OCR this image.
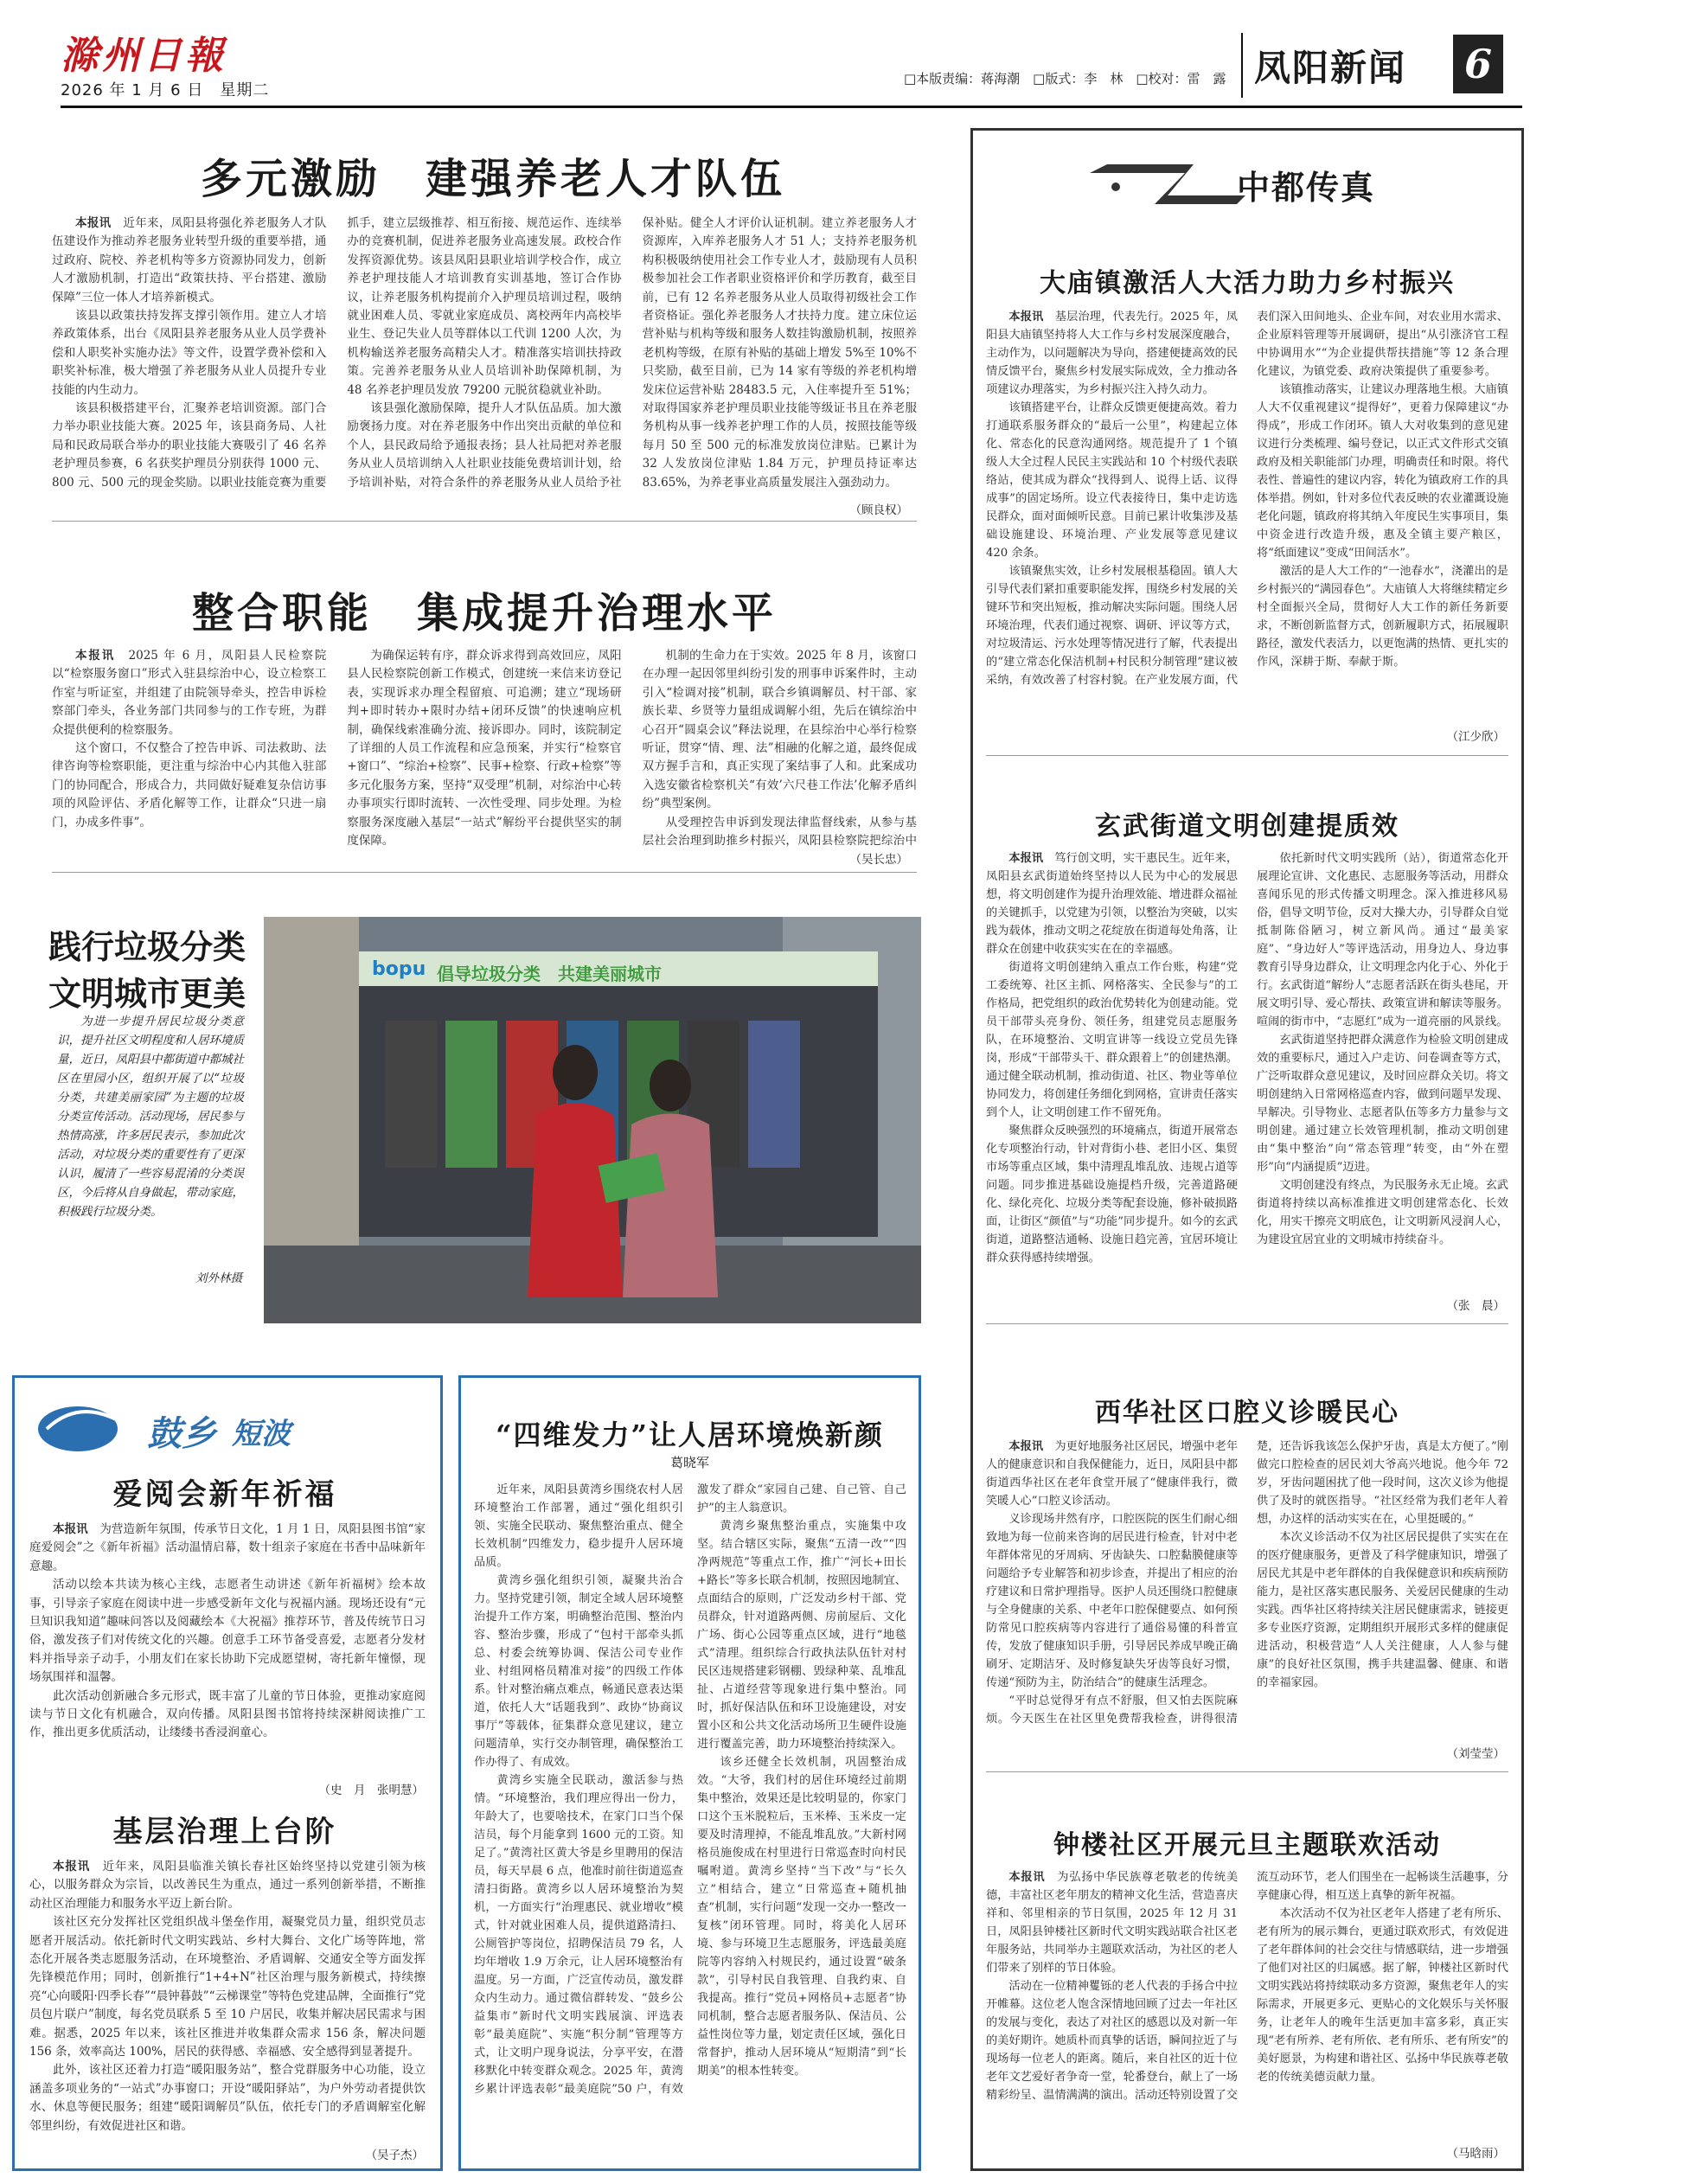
滁州日報
2026 年 1 月 6 日　星期二
□本版责编：蒋海潮　□版式：李　林　□校对：雷　露 凤阳新闻 6
多元激励　建强养老人才队伍

本报讯　近年来，凤阳县将强化养老服务人才队伍建设作为推动养老服务业转型升级的重要举措，通过政府、院校、养老机构等多方资源协同发力，创新人才激励机制，打造出“政策扶持、平台搭建、激励保障”三位一体人才培养新模式。

该县以政策扶持发挥支撑引领作用。建立人才培养政策体系，出台《凤阳县养老服务从业人员学费补偿和人职奖补实施办法》等文件，设置学费补偿和入职奖补标准，极大增强了养老服务从业人员提升专业技能的内生动力。

该县积极搭建平台，汇聚养老培训资源。部门合力举办职业技能大赛。2025 年，该县商务局、人社局和民政局联合举办的职业技能大赛吸引了 46 名养老护理员参赛，6 名获奖护理员分别获得 1000 元、800 元、500 元的现金奖励。以职业技能竞赛为重要抓手，建立层级推荐、相互衔接、规范运作、连续举办的竞赛机制，促进养老服务业高速发展。政校合作发挥资源优势。该县凤阳县职业培训学校合作，成立养老护理技能人才培训教育实训基地，签订合作协议，让养老服务机构提前介入护理员培训过程，吸纳就业困难人员、零就业家庭成员、离校两年内高校毕业生、登记失业人员等群体以工代训 1200 人次，为机构输送养老服务高精尖人才。精准落实培训扶持政策。完善养老服务从业人员培训补助保障机制，为 48 名养老护理员发放 79200 元脱贫稳就业补助。

该县强化激励保障，提升人才队伍品质。加大激励褒扬力度。对在养老服务中作出突出贡献的单位和个人，县民政局给予通报表扬；县人社局把对养老服务从业人员培训纳入人社职业技能免费培训计划，给予培训补贴，对符合条件的养老服务从业人员给予社保补贴。健全人才评价认证机制。建立养老服务人才资源库，入库养老服务人才 51 人；支持养老服务机构积极吸纳使用社会工作专业人才，鼓励现有人员积极参加社会工作者职业资格评价和学历教育，截至目前，已有 12 名养老服务从业人员取得初级社会工作者资格证。强化养老服务人才扶持力度。建立床位运营补贴与机构等级和服务人数挂钩激励机制，按照养老机构等级，在原有补贴的基础上增发 5%至 10%不只奖励，截至目前，已为 14 家有等级的养老机构增发床位运营补贴 28483.5 元，入住率提升至 51%；对取得国家养老护理员职业技能等级证书且在养老服务机构从事一线养老护理工作的人员，按照技能等级每月 50 至 500 元的标准发放岗位津贴。已累计为 32 人发放岗位津贴 1.84 万元，护理员持证率达 83.65%，为养老事业高质量发展注入强劲动力。

（顾良权）
整合职能　集成提升治理水平

本报讯　2025 年 6 月，凤阳县人民检察院以“检察服务窗口”形式入驻县综治中心，设立检察工作室与听证室，并组建了由院领导牵头，控告申诉检察部门牵头，各业务部门共同参与的工作专班，为群众提供便利的检察服务。

这个窗口，不仅整合了控告申诉、司法救助、法律咨询等检察职能，更注重与综治中心内其他入驻部门的协同配合，形成合力，共同做好疑难复杂信访事项的风险评估、矛盾化解等工作，让群众“只进一扇门，办成多件事”。

为确保运转有序，群众诉求得到高效回应，凤阳县人民检察院创新工作模式，创建统一来信来访登记表，实现诉求办理全程留痕、可追溯；建立“现场研判+即时转办+限时办结+闭环反馈”的快速响应机制，确保线索准确分流、接诉即办。同时，该院制定了详细的人员工作流程和应急预案，并实行“检察官+窗口”、“综治+检察”、民事+检察、行政+检察”等多元化服务方案，坚持“双受理”机制，对综治中心转办事项实行即时流转、一次性受理、同步处理。为检察服务深度融入基层“一站式”解纷平台提供坚实的制度保障。

机制的生命力在于实效。2025 年 8 月，该窗口在办理一起因邻里纠纷引发的刑事申诉案件时，主动引入“检调对接”机制，联合乡镇调解员、村干部、家族长辈、乡贤等力量组成调解小组，先后在镇综治中心召开“圆桌会议”释法说理，在县综治中心举行检察听证，贯穿“情、理、法”相融的化解之道，最终促成双方握手言和，真正实现了案结事了人和。此案成功入选安徽省检察机关“有效’六尺巷工作法’化解矛盾纠纷”典型案例。

从受理控告申诉到发现法律监督线索，从参与基层社会治理到助推乡村振兴，凤阳县检察院把综治中

（吴长忠）
践行垃圾分类
文明城市更美
为进一步提升居民垃圾分类意识，提升社区文明程度和人居环境质量，近日，凤阳县中都街道中都城社区在里园小区，组织开展了以“垃圾分类，共建美丽家园”为主题的垃圾分类宣传活动。活动现场，居民参与热情高涨，许多居民表示，参加此次活动，对垃圾分类的重要性有了更深认识，履清了一些容易混淆的分类误区，今后将从自身做起，带动家庭，积极践行垃圾分类。
刘外林摄
bopu 倡导垃圾分类　共建美丽城市
鼓乡 短波
爱阅会新年祈福

本报讯　为营造新年氛围，传承节日文化，1 月 1 日，凤阳县图书馆“家庭爱阅会”之《新年祈福》活动温情启幕，数十组亲子家庭在书香中品味新年意趣。

活动以绘本共读为核心主线，志愿者生动讲述《新年祈福树》绘本故事，引导亲子家庭在阅读中进一步感受新年文化与祝福内涵。现场还设有“元旦知识我知道”趣味问答以及阅藏绘本《大祝福》推荐环节，普及传统节日习俗，激发孩子们对传统文化的兴趣。创意手工环节备受喜爱，志愿者分发材料并指导亲子动手，小朋友们在家长协助下完成愿望树，寄托新年憧憬，现场氛围祥和温馨。

此次活动创新融合多元形式，既丰富了儿童的节日体验，更推动家庭阅读与节日文化有机融合，双向传播。凤阳县图书馆将持续深耕阅读推广工作，推出更多优质活动，让缕缕书香浸润童心。

（史　月　张明慧）
基层治理上台阶

本报讯　近年来，凤阳县临淮关镇长春社区始终坚持以党建引领为核心，以服务群众为宗旨，以改善民生为重点，通过一系列创新举措，不断推动社区治理能力和服务水平迈上新台阶。

该社区充分发挥社区党组织战斗堡垒作用，凝聚党员力量，组织党员志愿者开展活动。依托新时代文明实践站、乡村大舞台、文化广场等阵地，常态化开展各类志愿服务活动，在环境整治、矛盾调解、交通安全等方面发挥先锋模范作用；同时，创新推行“1+4+N”社区治理与服务新模式，持续擦亮“心向暖阳·四季长春”“晨钟暮鼓”“云梯课堂”等特色党建品牌，全面推行“党员包片联户”制度，每名党员联系 5 至 10 户居民，收集并解决居民需求与困难。据悉，2025 年以来，该社区推进并收集群众需求 156 条，解决问题 156 条，效率高达 100%，居民的获得感、幸福感、安全感得到显著提升。

此外，该社区还着力打造“暖阳服务站”，整合党群服务中心功能，设立涵盖多项业务的“一站式”办事窗口；开设“暖阳驿站”，为户外劳动者提供饮水、休息等便民服务；组建“暖阳调解员”队伍，依托专门的矛盾调解室化解邻里纠纷，有效促进社区和谐。

（吴子杰）
“四维发力”让人居环境焕新颜
葛晓军

近年来，凤阳县黄湾乡围绕农村人居环境整治工作部署，通过“强化组织引领、实施全民联动、聚焦整治重点、健全长效机制”四维发力，稳步提升人居环境品质。

黄湾乡强化组织引领，凝聚共治合力。坚持党建引领，制定全域人居环境整治提升工作方案，明确整治范围、整治内容、整治步骤，形成了“包村干部牵头抓总、村委会统筹协调、保洁公司专业作业、村组网格员精准对接”的四级工作体系。针对整治痛点难点，畅通民意表达渠道，依托人大“话题我到”、政协“协商议事厅”等载体，征集群众意见建议，建立问题清单，实行交办制管理，确保整治工作办得了、有成效。

黄湾乡实施全民联动，激活参与热情。“环境整治，我们理应得出一份力，年龄大了，也要啥技术，在家门口当个保洁员，每个月能拿到 1600 元的工资。知足了。”黄湾社区黄大爷是乡里聘用的保洁员，每天早晨 6 点，他准时前往街道巡查清扫街路。黄湾乡以人居环境整治为契机，一方面实行“治理惠民、就业增收”模式，针对就业困难人员，提供道路清扫、公厕管护等岗位，招聘保洁员 79 名，人均年增收 1.9 万余元，让人居环境整治有温度。另一方面，广泛宣传动员，激发群众内生动力。通过微信群转发、“鼓乡公益集市”新时代文明实践展演、评选表彰“最美庭院”、实施“积分制”管理等方式，让文明户现身说法，分享平安，在潜移默化中转变群众观念。2025 年，黄湾乡累计评选表彰“最美庭院”50 户，有效激发了群众“家园自己建、自己管、自己护”的主人翁意识。

黄湾乡聚焦整治重点，实施集中攻坚。结合辖区实际，聚焦“五清一改”“四净两规范”等重点工作，推广“河长+田长+路长”等多长联合机制，按照因地制宜、点面结合的原则，广泛发动乡村干部、党员群众，针对道路两侧、房前屋后、文化广场、街心公园等重点区域，进行“地毯式”清理。组织综合行政执法队伍针对村民区违规搭建彩钢棚、毁绿种菜、乱堆乱扯、占道经营等现象进行集中整治。同时，抓好保洁队伍和环卫设施建设，对安置小区和公共文化活动场所卫生硬件设施进行覆盖完善，助力环境整治持续深入。

该乡还健全长效机制，巩固整治成效。“大爷，我们村的居住环境经过前期集中整治，效果还是比较明显的，你家门口这个玉米脱粒后，玉米棒、玉米皮一定要及时清理掉，不能乱堆乱放。”大新村网格员施俊成在村里进行日常巡查时向村民嘱咐道。黄湾乡坚持“当下改”与“长久立”相结合，建立“日常巡查+随机抽查”机制，实行问题“发现一交办一整改一复核”闭环管理。同时，将美化人居环境、参与环境卫生志愿服务，评选最美庭院等内容纳入村规民约，通过设置“破条款”，引导村民自我管理、自我约束、自我提高。推行“党员+网格员+志愿者”协同机制，整合志愿者服务队、保洁员、公益性岗位等力量，划定责任区域，强化日常督护，推动人居环境从“短期清”到“长期美”的根本性转变。

中都传真
大庙镇激活人大活力助力乡村振兴

本报讯　基层治理，代表先行。2025 年，凤阳县大庙镇坚持将人大工作与乡村发展深度融合，主动作为，以问题解决为导向，搭建便捷高效的民情反馈平台，聚焦乡村发展实际成效，全力推动各项建议办理落实，为乡村振兴注入持久动力。

该镇搭建平台，让群众反馈更便捷高效。着力打通联系服务群众的“最后一公里”，构建起立体化、常态化的民意沟通网络。规范提升了 1 个镇级人大全过程人民民主实践站和 10 个村级代表联络站，使其成为群众“找得到人、说得上话、议得成事”的固定场所。设立代表接待日，集中走访选民群众，面对面倾听民意。目前已累计收集涉及基础设施建设、环境治理、产业发展等意见建议 420 余条。

该镇聚焦实效，让乡村发展根基稳固。镇人大引导代表们紧扣重要职能发挥，围绕乡村发展的关键环节和突出短板，推动解决实际问题。围绕人居环境治理，代表们通过视察、调研、评议等方式，对垃圾清运、污水处理等情况进行了解，代表提出的“建立常态化保洁机制+村民积分制管理”建议被采纳，有效改善了村容村貌。在产业发展方面，代表们深入田间地头、企业车间，对农业用水需求、企业原料管理等开展调研，提出“从引涨济官工程中协调用水”“为企业提供帮扶措施”等 12 条合理化建议，为镇党委、政府决策提供了重要参考。

该镇推动落实，让建议办理落地生根。大庙镇人大不仅重视建议“提得好”，更着力保障建议“办得成”，形成工作闭环。镇人大对收集到的意见建议进行分类梳理、编号登记，以正式文件形式交镇政府及相关职能部门办理，明确责任和时限。将代表性、普遍性的建议内容，转化为镇政府工作的具体举措。例如，针对多位代表反映的农业灌溉设施老化问题，镇政府将其纳入年度民生实事项目，集中资金进行改造升级，惠及全镇主要产粮区，将“纸面建议”变成“田间活水”。

激活的是人大工作的“一池春水”，浇灌出的是乡村振兴的“满园春色”。大庙镇人大将继续精定乡村全面振兴全局，贯彻好人大工作的新任务新要求，不断创新监督方式，创新履职方式，拓展履职路径，激发代表活力，以更饱满的热情、更扎实的作风，深耕于斯、奉献于斯。

（江少欣）
玄武街道文明创建提质效

本报讯　笃行创文明，实干惠民生。近年来，凤阳县玄武街道始终坚持以人民为中心的发展思想，将文明创建作为提升治理效能、增进群众福祉的关键抓手，以党建为引领，以整治为突破，以实践为载体，推动文明之花绽放在街道每处角落，让群众在创建中收获实实在在的幸福感。

街道将文明创建纳入重点工作台账，构建“党工委统筹、社区主抓、网格落实、全民参与”的工作格局，把党组织的政治优势转化为创建动能。党员干部带头亮身份、领任务，组建党员志愿服务队，在环境整治、文明宣讲等一线设立党员先锋岗，形成“干部带头干、群众跟着上”的创建热潮。通过健全联动机制，推动街道、社区、物业等单位协同发力，将创建任务细化到网格，宣讲责任落实到个人，让文明创建工作不留死角。

聚焦群众反映强烈的环境痛点，街道开展常态化专项整治行动，针对背街小巷、老旧小区、集贸市场等重点区域，集中清理乱堆乱放、违规占道等问题。同步推进基础设施提档升级，完善道路硬化、绿化亮化、垃圾分类等配套设施，修补破损路面，让街区“颜值”与“功能”同步提升。如今的玄武街道，道路整洁通畅、设施日趋完善，宜居环境让群众获得感持续增强。

依托新时代文明实践所（站），街道常态化开展理论宣讲、文化惠民、志愿服务等活动，用群众喜闻乐见的形式传播文明理念。深入推进移风易俗，倡导文明节俭，反对大操大办，引导群众自觉抵制陈俗陋习，树立新风尚。通过“最美家庭”、“身边好人”等评选活动，用身边人、身边事教育引导身边群众，让文明理念内化于心、外化于行。玄武街道“解纷人”志愿者活跃在街头巷尾，开展文明引导、爱心帮扶、政策宣讲和解读等服务。喧闹的街市中，“志愿红”成为一道亮丽的风景线。

玄武街道坚持把群众满意作为检验文明创建成效的重要标尺，通过入户走访、问卷调查等方式，广泛听取群众意见建议，及时回应群众关切。将文明创建纳入日常网格巡查内容，做到问题早发现、早解决。引导物业、志愿者队伍等多方力量参与文明创建。通过建立长效管理机制，推动文明创建由“集中整治”向“常态管理”转变，由“外在塑形”向“内涵提质”迈进。

文明创建没有终点，为民服务永无止境。玄武街道将持续以高标准推进文明创建常态化、长效化，用实干擦亮文明底色，让文明新风浸润人心，为建设宜居宜业的文明城市持续奋斗。

（张　晨）
西华社区口腔义诊暖民心

本报讯　为更好地服务社区居民，增强中老年人的健康意识和自我保健能力，近日，凤阳县中都街道西华社区在老年食堂开展了“健康伴我行，微笑暖人心”口腔义诊活动。

义诊现场井然有序，口腔医院的医生们耐心细致地为每一位前来咨询的居民进行检查，针对中老年群体常见的牙周病、牙齿缺失、口腔黏膜健康等问题给予专业解答和初步诊查，并提出了相应的治疗建议和日常护理指导。医护人员还围绕口腔健康与全身健康的关系、中老年口腔保健要点、如何预防常见口腔疾病等内容进行了通俗易懂的科普宣传，发放了健康知识手册，引导居民养成早晚正确刷牙、定期洁牙、及时修复缺失牙齿等良好习惯，传递“预防为主，防治结合”的健康生活理念。

“平时总觉得牙有点不舒服，但又怕去医院麻烦。今天医生在社区里免费帮我检查，讲得很清楚，还告诉我该怎么保护牙齿，真是太方便了。”刚做完口腔检查的居民刘大爷高兴地说。他今年 72 岁，牙齿问题困扰了他一段时间，这次义诊为他提供了及时的就医指导。“社区经常为我们老年人着想，办这样的活动实实在在，心里挺暖的。”

本次义诊活动不仅为社区居民提供了实实在在的医疗健康服务，更普及了科学健康知识，增强了居民尤其是中老年群体的自我保健意识和疾病预防能力，是社区落实惠民服务、关爱居民健康的生动实践。西华社区将持续关注居民健康需求，链接更多专业医疗资源，定期组织开展形式多样的健康促进活动，积极营造“人人关注健康，人人参与健康”的良好社区氛围，携手共建温馨、健康、和谐的幸福家园。

（刘莹莹）
钟楼社区开展元旦主题联欢活动

本报讯　为弘扬中华民族尊老敬老的传统美德，丰富社区老年朋友的精神文化生活，营造喜庆祥和、邻里相亲的节日氛围，2025 年 12 月 31 日，凤阳县钟楼社区新时代文明实践站联合社区老年服务站，共同举办主题联欢活动，为社区的老人们带来了别样的节日体验。

活动在一位精神矍铄的老人代表的手扬合中拉开帷幕。这位老人饱含深情地回顾了过去一年社区的发展与变化，表达了对社区的感恩以及对新一年的美好期许。她质朴而真挚的话语，瞬间拉近了与现场每一位老人的距离。随后，来自社区的近十位老年文艺爱好者争奇一堂，轮番登台，献上了一场精彩纷呈、温情满满的演出。活动还特别设置了交流互动环节，老人们围坐在一起畅谈生活趣事，分享健康心得，相互送上真挚的新年祝福。

本次活动不仅为社区老年人搭建了老有所乐、老有所为的展示舞台，更通过联欢形式，有效促进了老年群体间的社会交往与情感联结，进一步增强了他们对社区的归属感。据了解，钟楼社区新时代文明实践站将持续联动多方资源，聚焦老年人的实际需求，开展更多元、更贴心的文化娱乐与关怀服务，让老年人的晚年生活更加丰富多彩，真正实现“老有所养、老有所依、老有所乐、老有所安”的美好愿景，为构建和谐社区、弘扬中华民族尊老敬老的传统美德贡献力量。

（马晗雨）
